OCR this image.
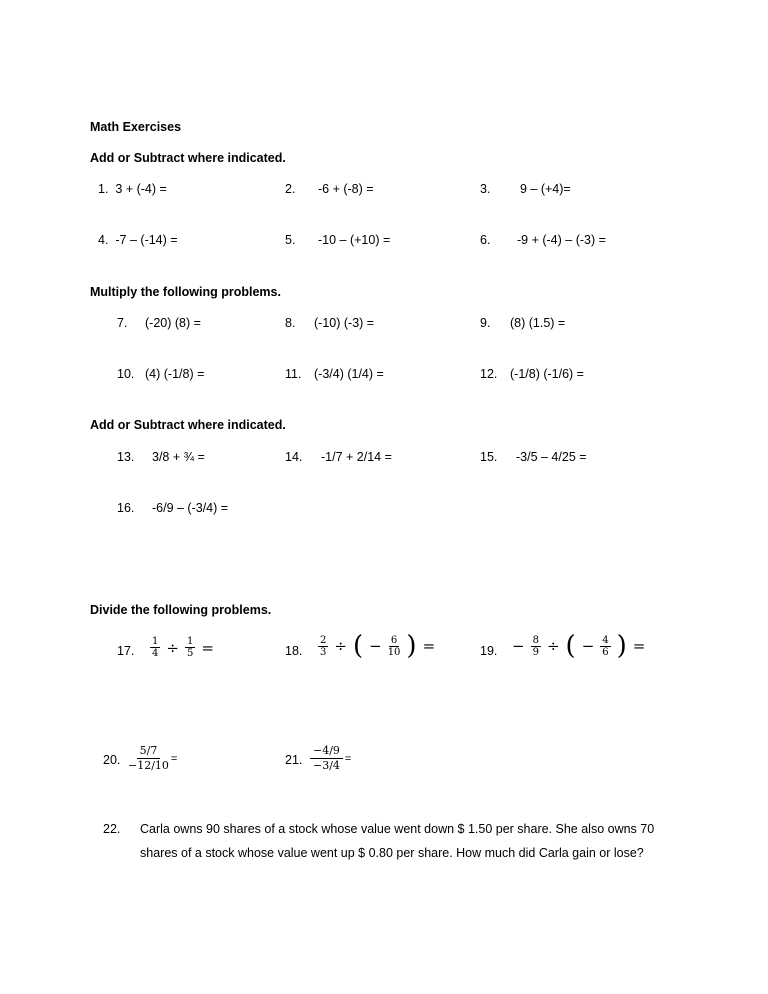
Math Exercises
Add or Subtract where indicated.
1. 3 + (-4) =	2. -6 + (-8) =	3. 9 – (+4)=
4. -7 – (-14) =	5. -10 – (+10) =	6. -9 + (-4) – (-3) =
Multiply the following problems.
7. (-20) (8) =	8. (-10) (-3) =	9. (8) (1.5) =
10. (4) (-1/8) =	11. (-3/4) (1/4) =	12. (-1/8) (-1/6) =
Add or Subtract where indicated.
13. 3/8 + ¾ =	14. -1/7 + 2/14 =	15. -3/5 – 4/25 =
16. -6/9 – (-3/4) =
Divide the following problems.
17. $\frac{1}{4} \div \frac{1}{5}$ =	18. $\frac{2}{3}$ ÷ ( − $\frac{6}{10}$ ) =	19. − $\frac{8}{9}$ ÷ ( − $\frac{4}{6}$ ) =
20. $\frac{5/7}{-12/10}$ =	21. $\frac{-4/9}{-3/4}$ =
22. Carla owns 90 shares of a stock whose value went down $ 1.50 per share. She also owns 70
shares of a stock whose value went up $ 0.80 per share. How much did Carla gain or lose?
